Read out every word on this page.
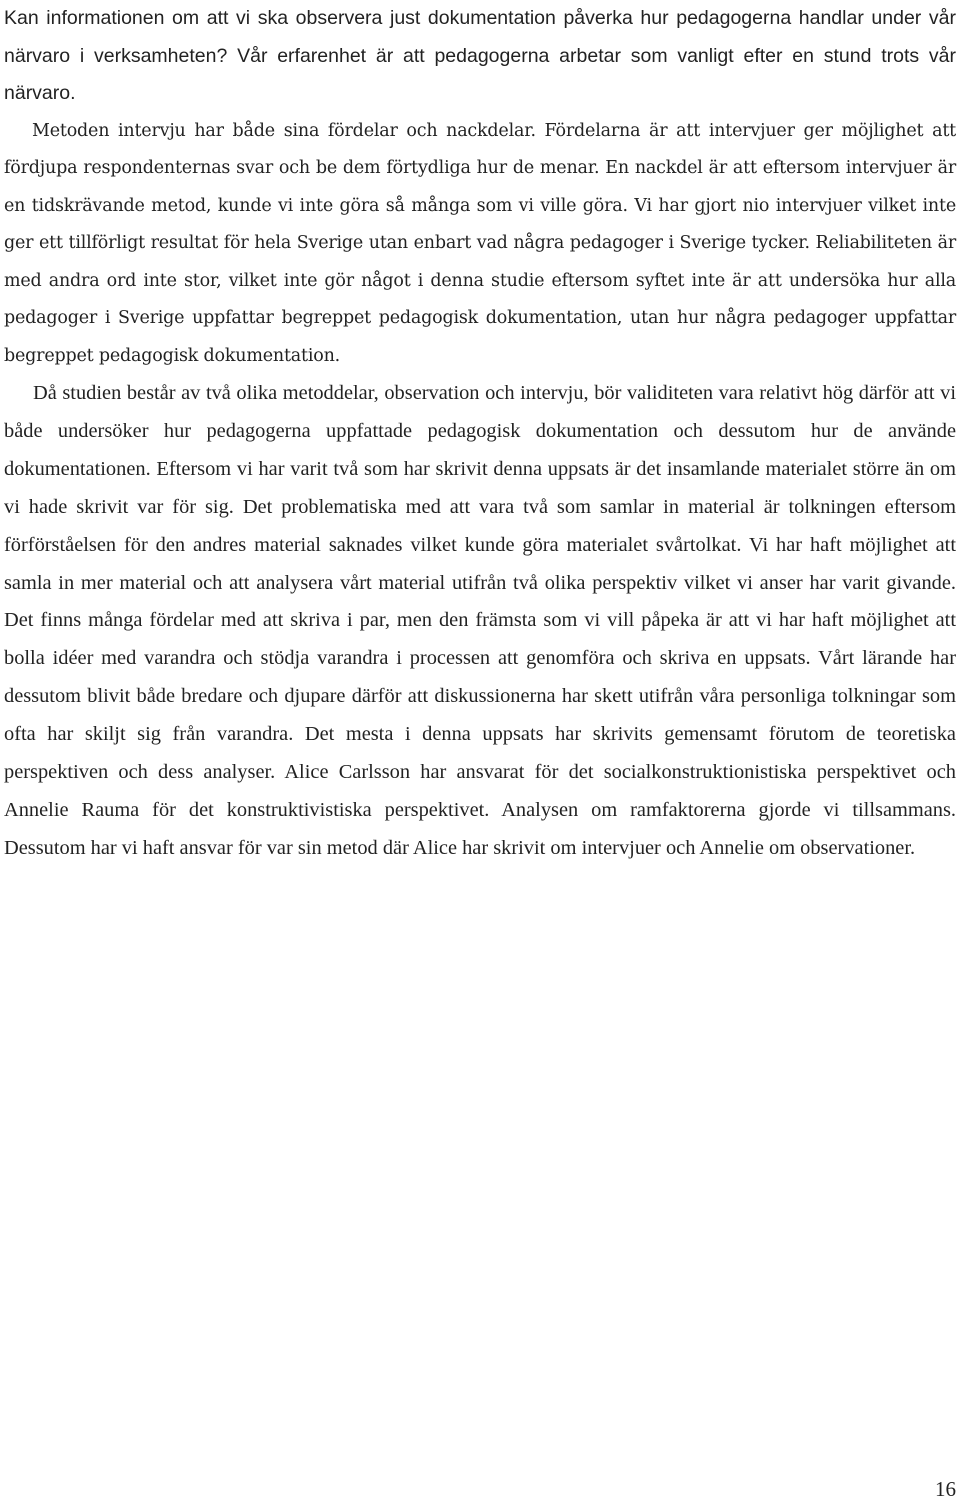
Kan informationen om att vi ska observera just dokumentation påverka hur pedagogerna handlar under vår närvaro i verksamheten? Vår erfarenhet är att pedagogerna arbetar som vanligt efter en stund trots vår närvaro.

Metoden intervju har både sina fördelar och nackdelar. Fördelarna är att intervjuer ger möjlighet att fördjupa respondenternas svar och be dem förtydliga hur de menar. En nackdel är att eftersom intervjuer är en tidskrävande metod, kunde vi inte göra så många som vi ville göra. Vi har gjort nio intervjuer vilket inte ger ett tillförligt resultat för hela Sverige utan enbart vad några pedagoger i Sverige tycker. Reliabiliteten är med andra ord inte stor, vilket inte gör något i denna studie eftersom syftet inte är att undersöka hur alla pedagoger i Sverige uppfattar begreppet pedagogisk dokumentation, utan hur några pedagoger uppfattar begreppet pedagogisk dokumentation.

Då studien består av två olika metoddelar, observation och intervju, bör validiteten vara relativt hög därför att vi både undersöker hur pedagogerna uppfattade pedagogisk dokumentation och dessutom hur de använde dokumentationen. Eftersom vi har varit två som har skrivit denna uppsats är det insamlande materialet större än om vi hade skrivit var för sig. Det problematiska med att vara två som samlar in material är tolkningen eftersom förförståelsen för den andres material saknades vilket kunde göra materialet svårtolkat. Vi har haft möjlighet att samla in mer material och att analysera vårt material utifrån två olika perspektiv vilket vi anser har varit givande. Det finns många fördelar med att skriva i par, men den främsta som vi vill påpeka är att vi har haft möjlighet att bolla idéer med varandra och stödja varandra i processen att genomföra och skriva en uppsats. Vårt lärande har dessutom blivit både bredare och djupare därför att diskussionerna har skett utifrån våra personliga tolkningar som ofta har skiljt sig från varandra. Det mesta i denna uppsats har skrivits gemensamt förutom de teoretiska perspektiven och dess analyser. Alice Carlsson har ansvarat för det socialkonstruktionistiska perspektivet och Annelie Rauma för det konstruktivistiska perspektivet. Analysen om ramfaktorerna gjorde vi tillsammans. Dessutom har vi haft ansvar för var sin metod där Alice har skrivit om intervjuer och Annelie om observationer.

16
